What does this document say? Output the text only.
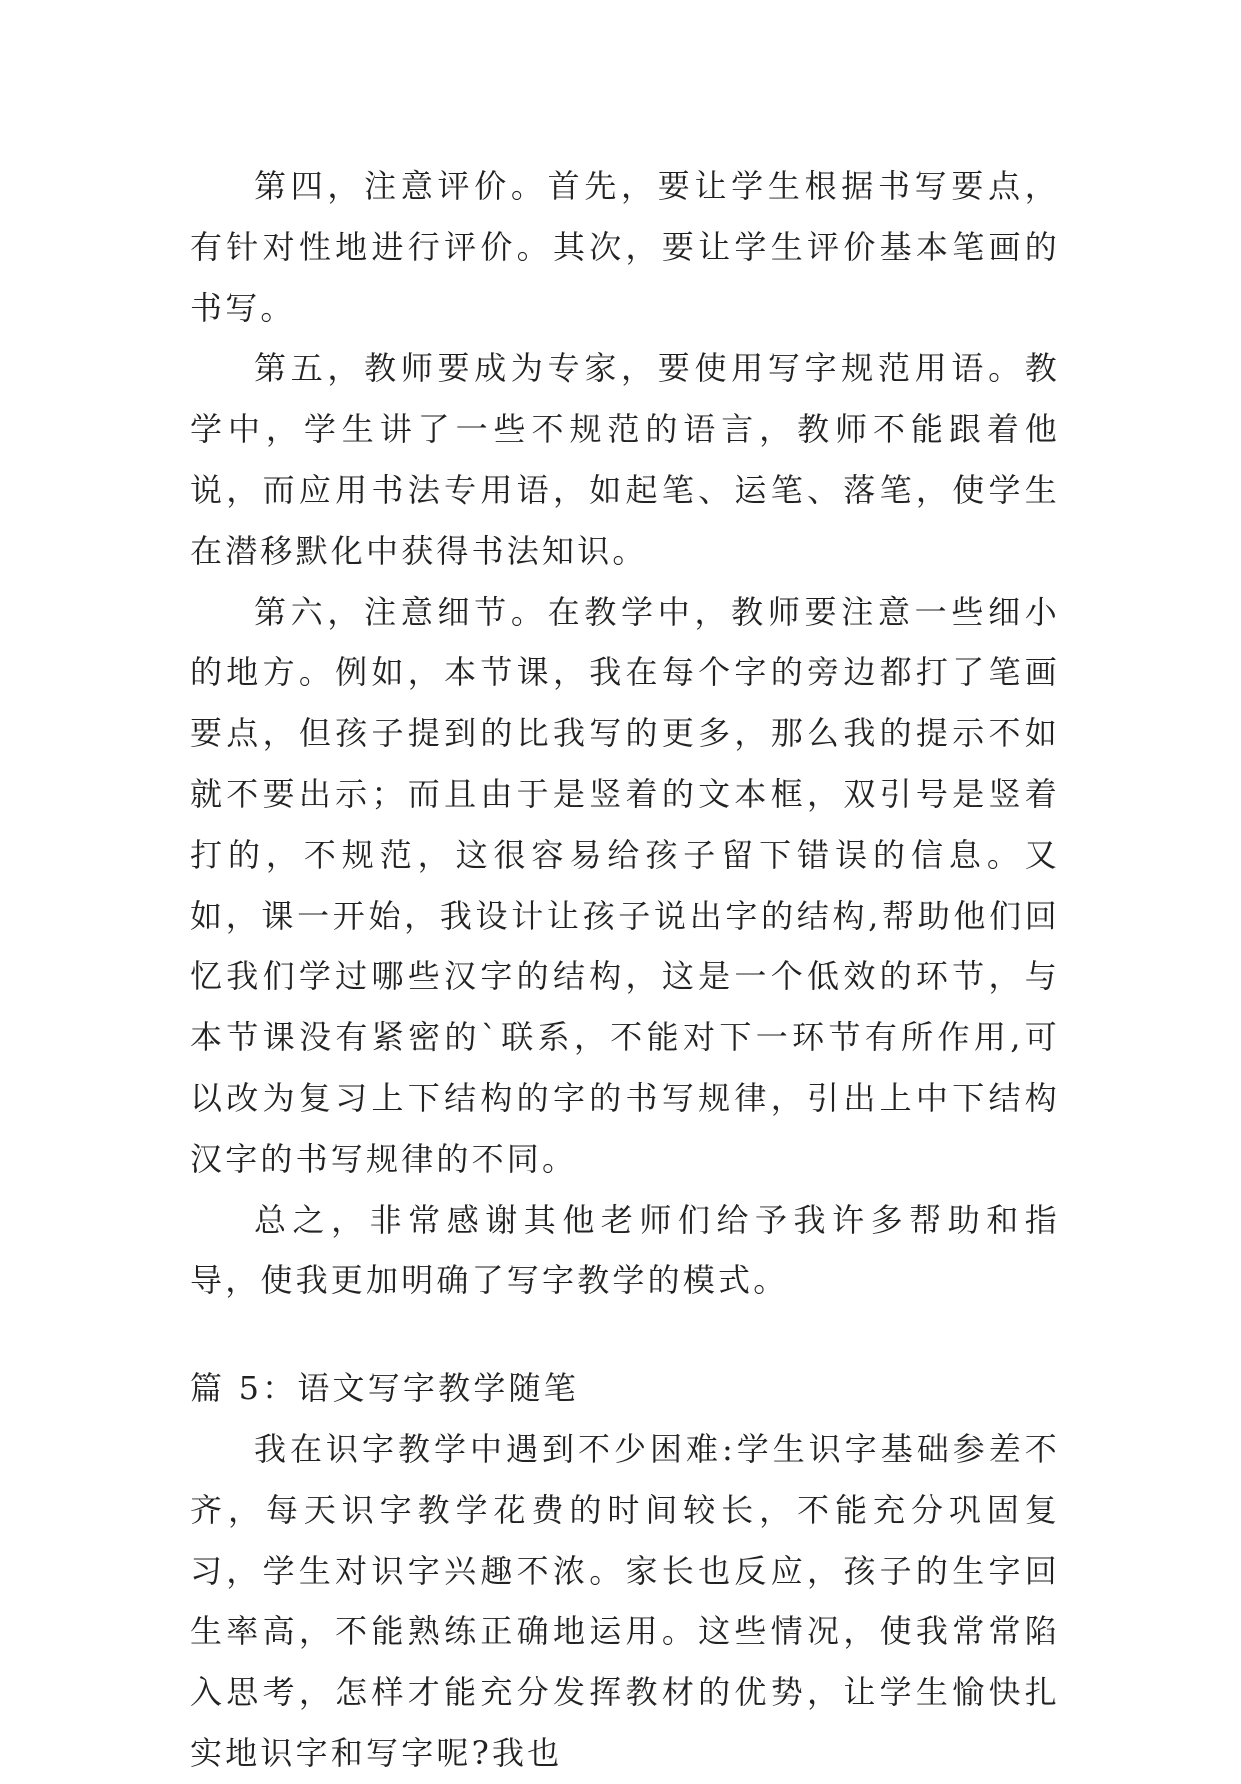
第四，注意评价。首先，要让学生根据书写要点，有针对性地进行评价。其次，要让学生评价基本笔画的书写。

第五，教师要成为专家，要使用写字规范用语。教学中，学生讲了一些不规范的语言，教师不能跟着他说，而应用书法专用语，如起笔、运笔、落笔，使学生在潜移默化中获得书法知识。

第六，注意细节。在教学中，教师要注意一些细小的地方。例如，本节课，我在每个字的旁边都打了笔画要点，但孩子提到的比我写的更多，那么我的提示不如就不要出示；而且由于是竖着的文本框，双引号是竖着打的，不规范，这很容易给孩子留下错误的信息。又如，课一开始，我设计让孩子说出字的结构,帮助他们回忆我们学过哪些汉字的结构，这是一个低效的环节，与本节课没有紧密的`联系，不能对下一环节有所作用,可以改为复习上下结构的字的书写规律，引出上中下结构汉字的书写规律的不同。

总之，非常感谢其他老师们给予我许多帮助和指导，使我更加明确了写字教学的模式。

篇 5：语文写字教学随笔

我在识字教学中遇到不少困难:学生识字基础参差不齐，每天识字教学花费的时间较长，不能充分巩固复习，学生对识字兴趣不浓。家长也反应，孩子的生字回生率高，不能熟练正确地运用。这些情况，使我常常陷入思考，怎样才能充分发挥教材的优势，让学生愉快扎实地识字和写字呢?我也
